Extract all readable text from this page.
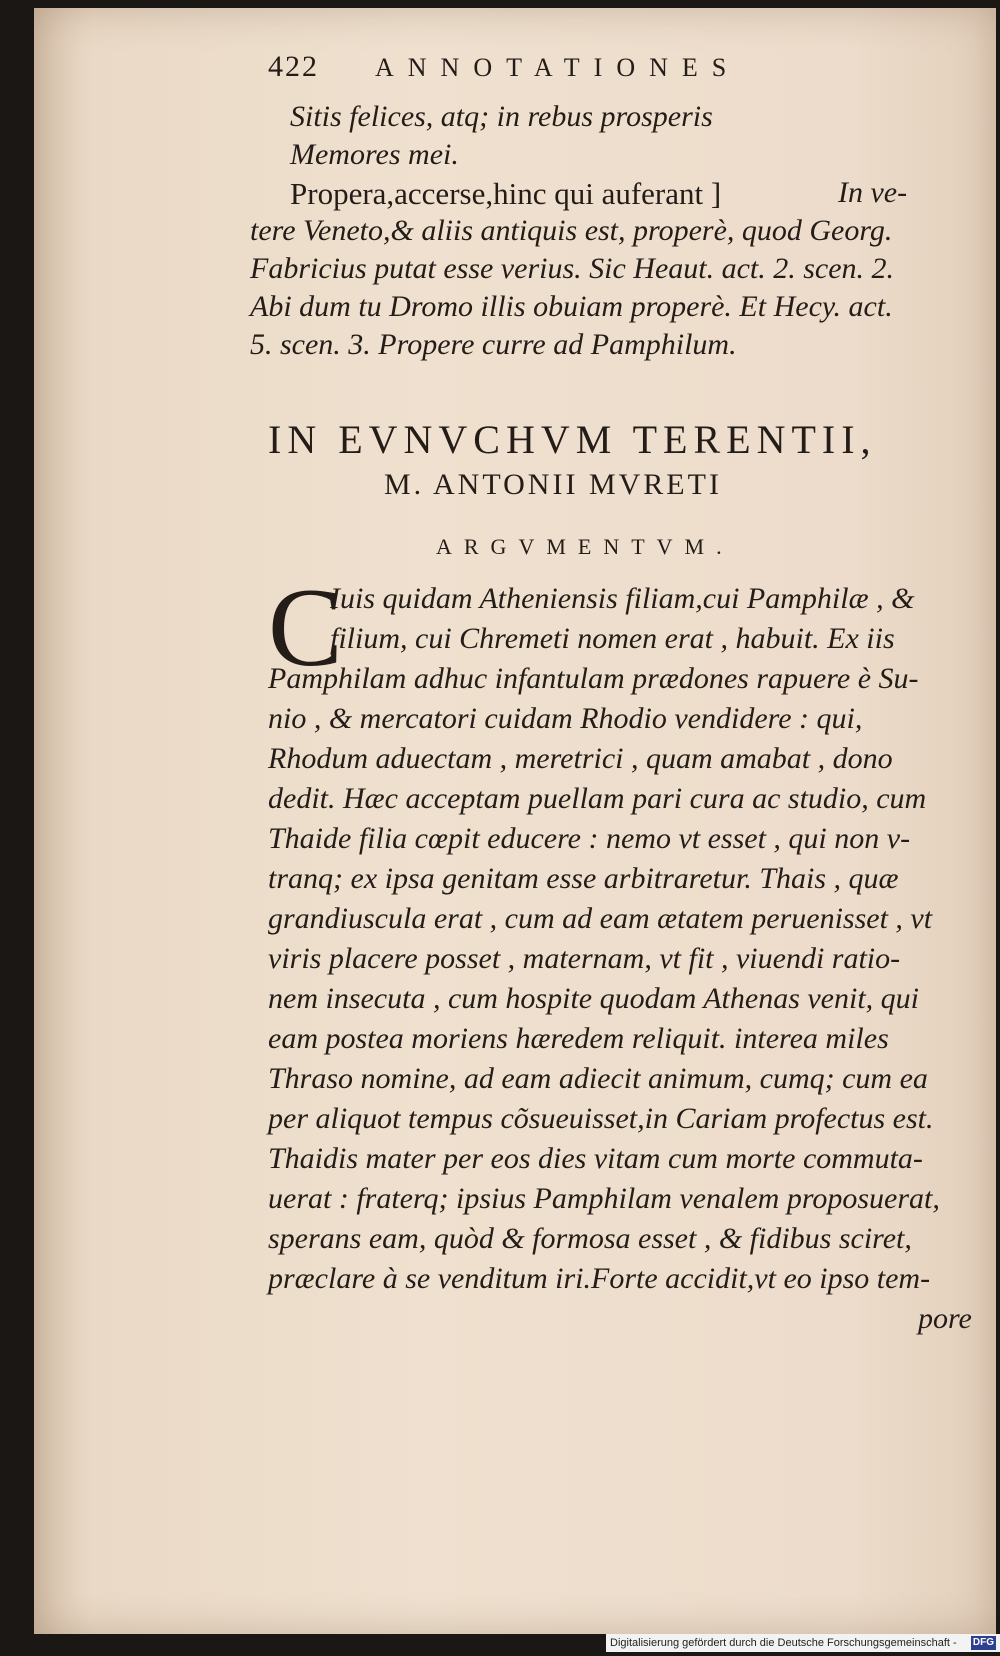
422 ANNOTATIONES
Sitis felices, atq; in rebus prosperis
Memores mei.
Propera,accerse,hinc qui auferant ]	In ve-
tere Veneto,& aliis antiquis est, properè, quod Georg.
Fabricius putat esse verius. Sic Heaut. act. 2. scen. 2.
Abi dum tu Dromo illis obuiam properè. Et Hecy. act.
5. scen. 3. Propere curre ad Pamphilum.
IN EVNVCHVM TERENTII,
M. ANTONII MVRETI
ARGVMENTVM.
C
Iuis quidam Atheniensis filiam,cui Pamphilæ , &
filium, cui Chremeti nomen erat , habuit. Ex iis
Pamphilam adhuc infantulam prædones rapuere è Su-
nio , & mercatori cuidam Rhodio vendidere : qui,
Rhodum aduectam , meretrici , quam amabat , dono
dedit. Hæc acceptam puellam pari cura ac studio, cum
Thaide filia cœpit educere : nemo vt esset , qui non v-
tranq; ex ipsa genitam esse arbitraretur. Thais , quæ
grandiuscula erat , cum ad eam ætatem peruenisset , vt
viris placere posset , maternam, vt fit , viuendi ratio-
nem insecuta , cum hospite quodam Athenas venit, qui
eam postea moriens hæredem reliquit. interea miles
Thraso nomine, ad eam adiecit animum, cumq; cum ea
per aliquot tempus cõsueuisset,in Cariam profectus est.
Thaidis mater per eos dies vitam cum morte commuta-
uerat : fraterq; ipsius Pamphilam venalem proposuerat,
sperans eam, quòd & formosa esset , & fidibus sciret,
præclare à se venditum iri.Forte accidit,vt eo ipso tem-
pore
Digitalisierung gefördert durch die Deutsche Forschungsgemeinschaft - DFG
